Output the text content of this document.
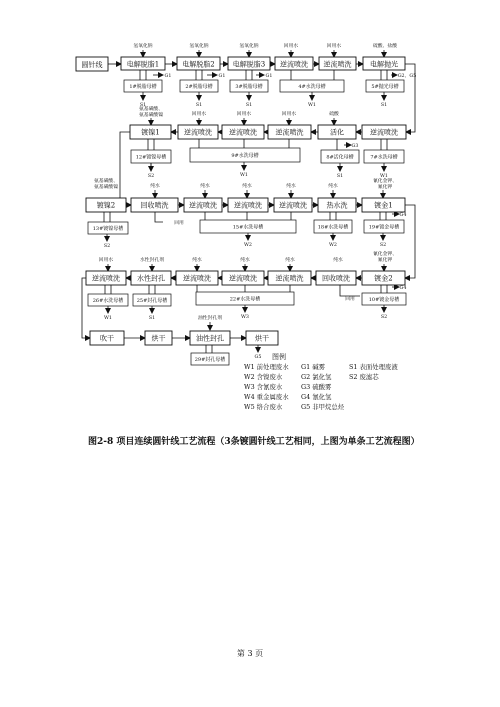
圆针线	电解脱脂1	电解脱脂2	电解脱脂3 逆流喷洗 逆流喷洗	电解抛光
逆流喷洗
活化
逆流喷洗
逆流喷洗
逆流喷洗
镀镍1
镀镍2	回收喷洗	逆流喷洗 逆流喷洗 逆流喷洗	热水洗	镀金1
逆流喷洗 水性封孔	逆流喷洗	逆流喷洗	逆流喷洗	回收喷洗	镀金2
吹干	烘干	油性封孔	烘干
1#脱脂母槽	2#脱脂母槽	3#脱脂母槽	4#水洗母槽	5#抛光母槽
12#镀镍母槽	9#水洗母槽	8#活化母槽	7#水洗母槽
13#镀镍母槽	15#水洗母槽	18#水洗母槽	19#镀金母槽
26#水洗母槽	25#封孔母槽	22#水洗母槽	10#镀金母槽
29#封孔母槽
氢氧化钠	氢氧化钠	氢氧化钠	回用水	回用水	硫酸、盐酸
回用水	回用水	回用水	硫酸
氨基磺酸、
氨基磺酸镍
氨基磺酸、
氨基磺酸镍	纯水	纯水	纯水	纯水	纯水
氰化金钾、
氰化钾
回用
回用水	水性封孔剂	纯水	纯水	纯水	纯水
氰化金钾、
氰化钾
回用
油性封孔剂
G1	G1	G1	G2、G5
S1	S1	S1	W1	S1
G3
S2	W1	S1	W1
G4
S2	W2	W2	S2
G4
W1	S1	W3	S2
G5 图例
W1 前处理废水 G1 碱雾	S1 表面处理废液
W2 含镍废水	G2 氯化氢	S2 废滤芯
W3 含氰废水	G3 硫酸雾
W4 重金属废水 G4 氰化氢
W5 络合废水	G5 非甲烷总烃
图2-8 项目连续圆针线工艺流程（3条镀圆针线工艺相同，上图为单条工艺流程图）
第 3 页
